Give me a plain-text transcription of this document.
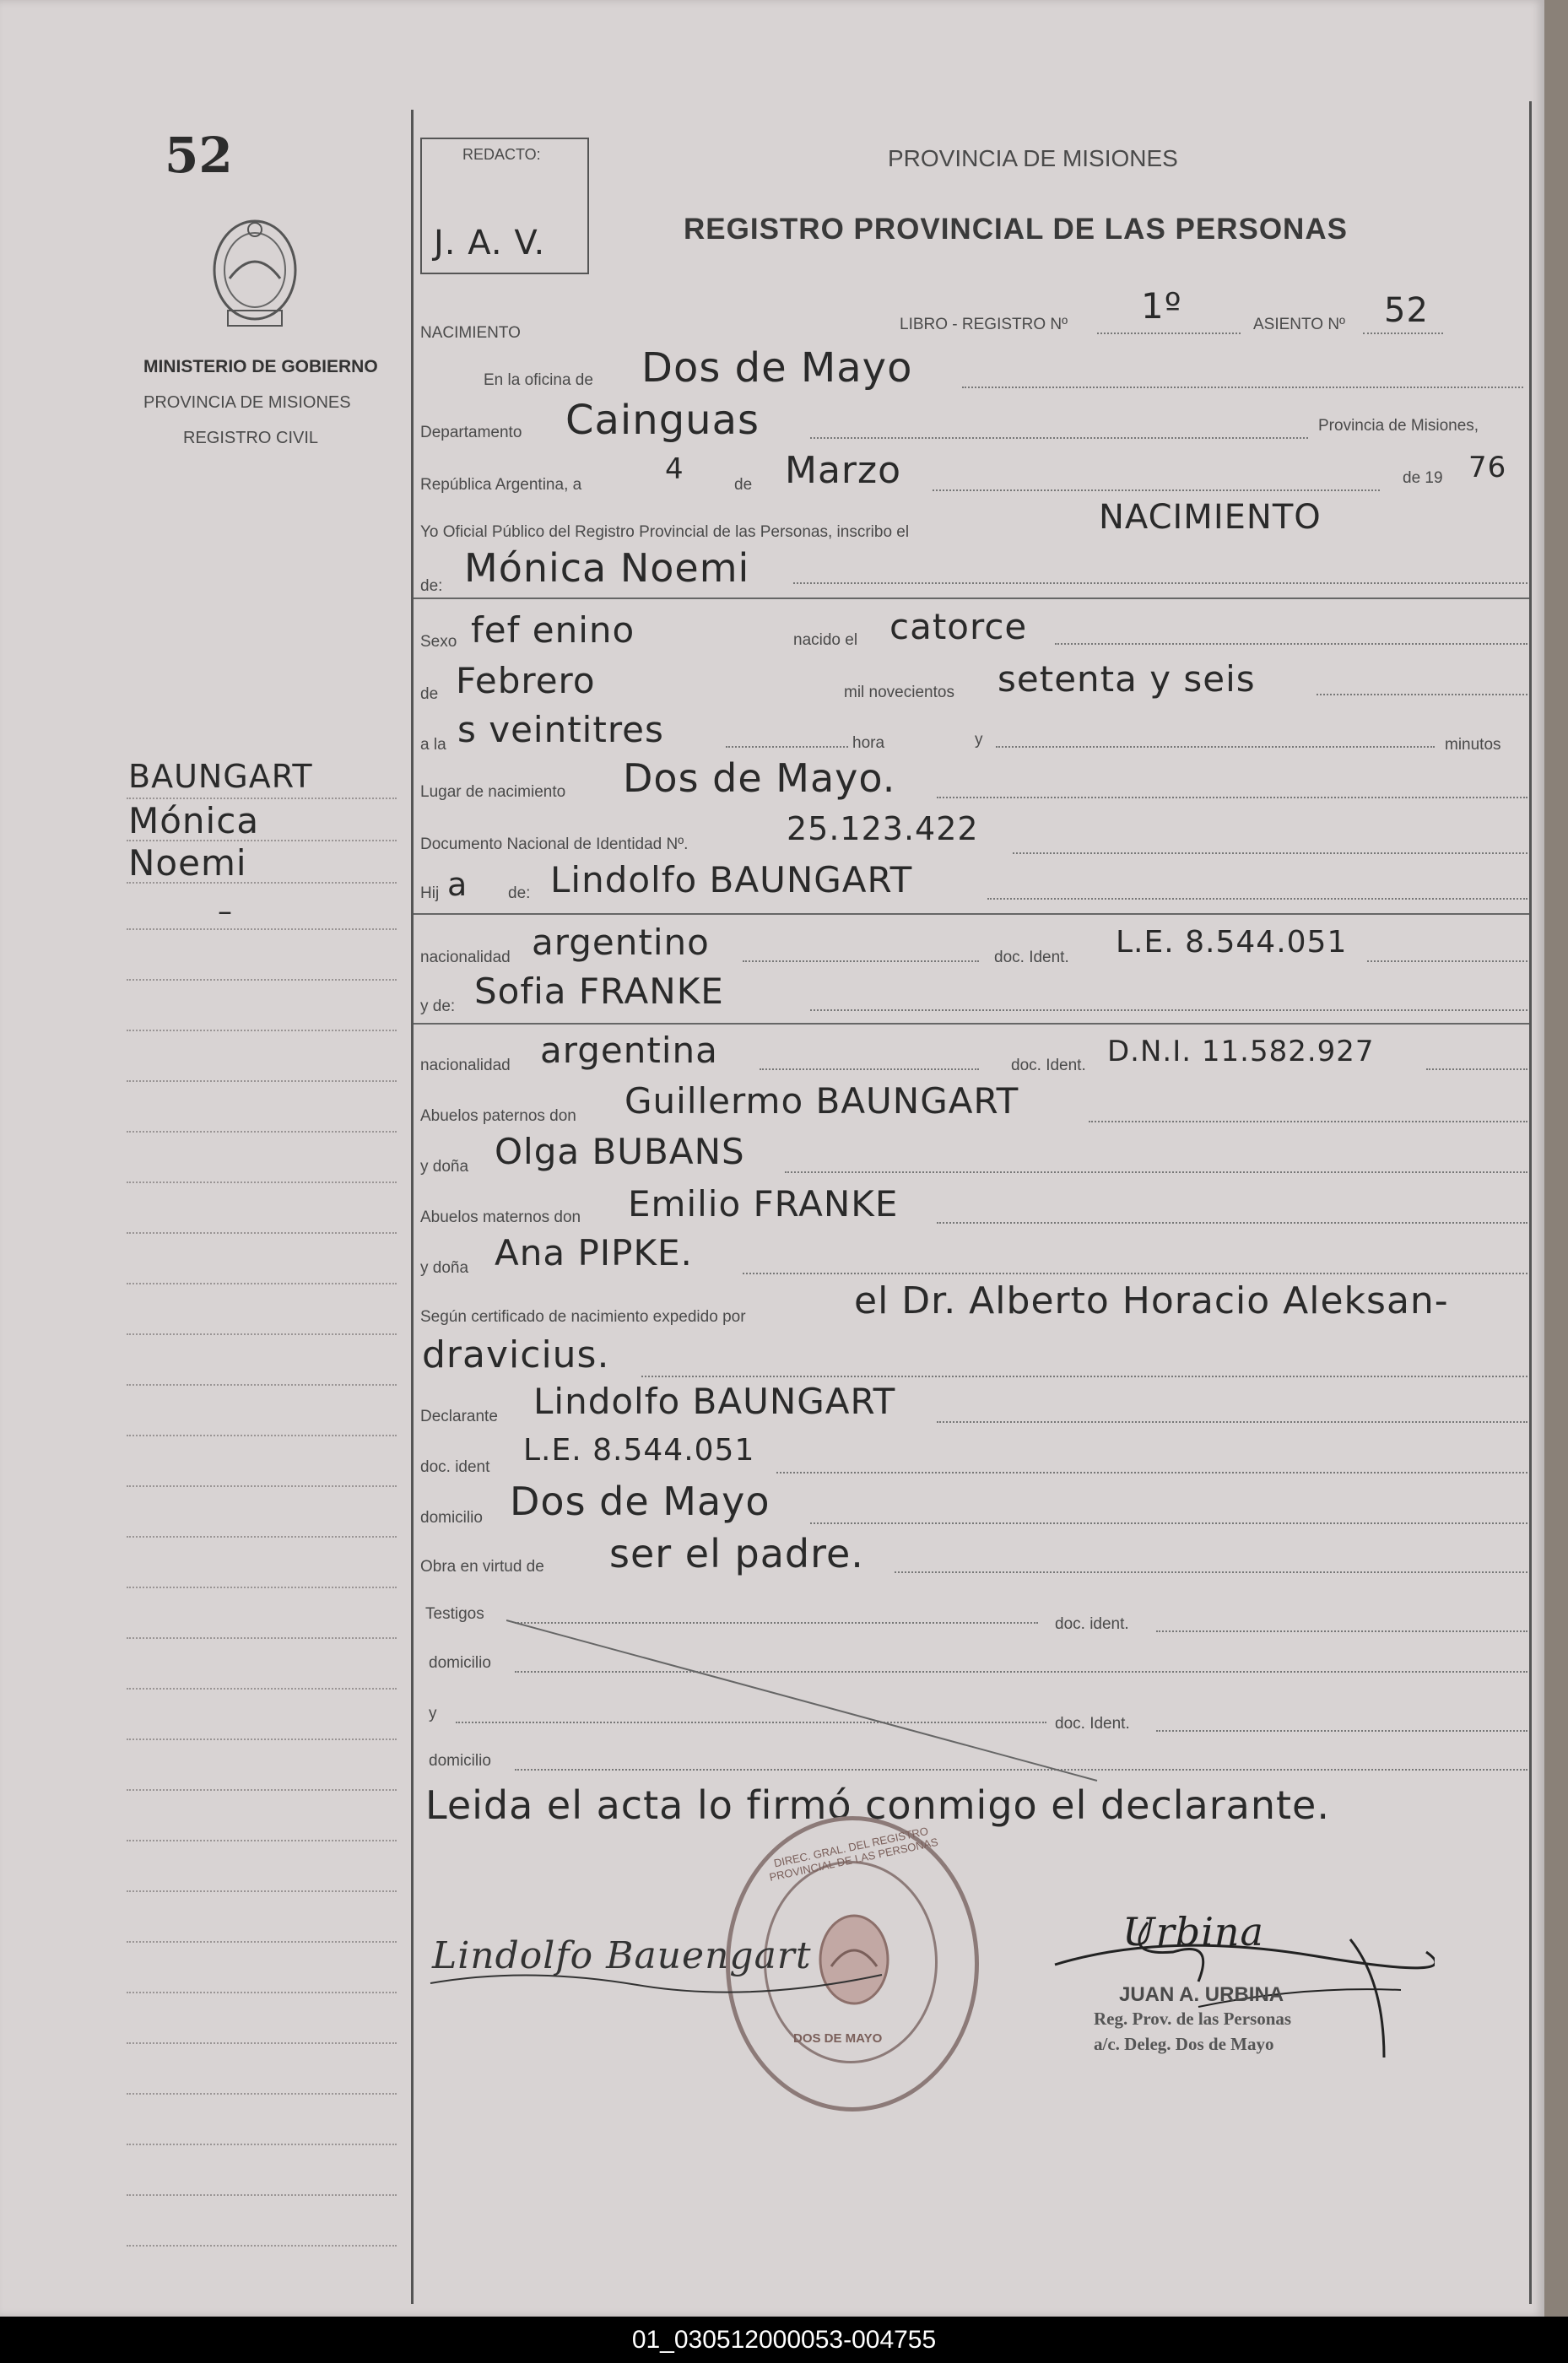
52
MINISTERIO DE GOBIERNO
PROVINCIA DE MISIONES
REGISTRO CIVIL
BAUNGART
Mónica
Noemi
–
REDACTO:
J. A. V.
PROVINCIA DE MISIONES
REGISTRO PROVINCIAL DE LAS PERSONAS
NACIMIENTO	LIBRO - REGISTRO Nº 1º	ASIENTO Nº 52
En la oficina de Dos de Mayo
Departamento Cainguas	Provincia de Misiones,
República Argentina, a	4	de Marzo	de 19 76
Yo Oficial Público del Registro Provincial de las Personas, inscribo el	NACIMIENTO
de: Mónica Noemi
Sexo fef enino	nacido el catorce
de Febrero	mil novecientos setenta y seis
a la s veintitres	hora	y	minutos
Lugar de nacimiento Dos de Mayo.
Documento Nacional de Identidad Nº.	25.123.422
Hij a	de: Lindolfo BAUNGART
nacionalidad argentino	doc. Ident. L.E. 8.544.051
y de: Sofia FRANKE
nacionalidad argentina	doc. Ident. D.N.I. 11.582.927
Abuelos paternos don Guillermo BAUNGART
y doña Olga BUBANS
Abuelos maternos don Emilio FRANKE
y doña Ana PIPKE.
Según certificado de nacimiento expedido por	el Dr. Alberto Horacio Aleksan-
dravicius.
Declarante Lindolfo BAUNGART
doc. ident L.E. 8.544.051
domicilio Dos de Mayo
Obra en virtud de ser el padre.
Testigos
doc. ident.
domicilio
y
doc. Ident.
domicilio
Leida el acta lo firmó conmigo el declarante.
DIREC. GRAL. DEL REGISTRO PROVINCIAL DE LAS PERSONAS
DOS DE MAYO
Lindolfo Bauengart
Urbina
JUAN A. URBINA
Reg. Prov. de las Personas
a/c. Deleg. Dos de Mayo
01_030512000053-004755
